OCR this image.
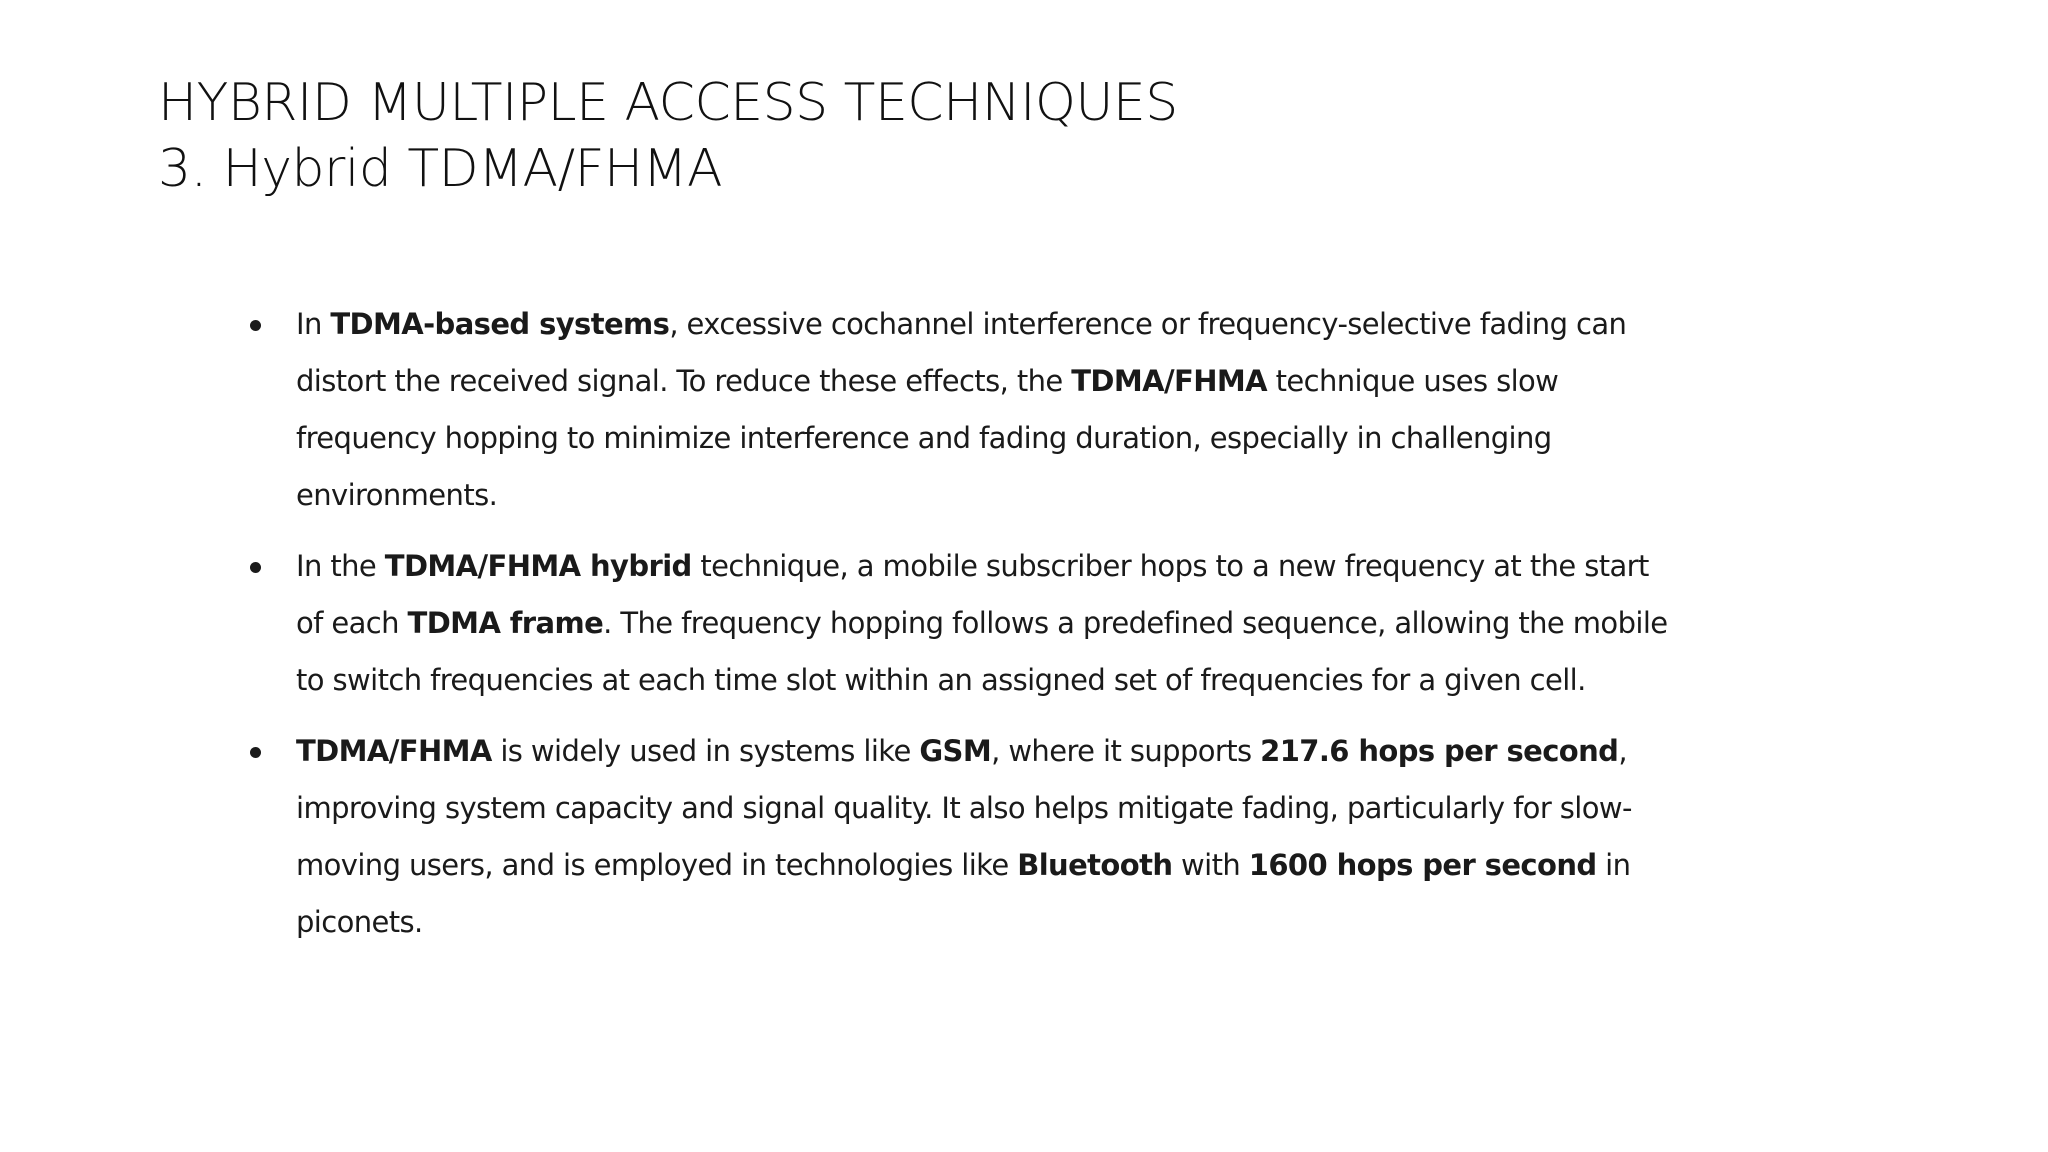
HYBRID MULTIPLE ACCESS TECHNIQUES
3. Hybrid TDMA/FHMA
In TDMA-based systems, excessive cochannel interference or frequency-selective fading can distort the received signal. To reduce these effects, the TDMA/FHMA technique uses slow frequency hopping to minimize interference and fading duration, especially in challenging environments.
In the TDMA/FHMA hybrid technique, a mobile subscriber hops to a new frequency at the start of each TDMA frame. The frequency hopping follows a predefined sequence, allowing the mobile to switch frequencies at each time slot within an assigned set of frequencies for a given cell.
TDMA/FHMA is widely used in systems like GSM, where it supports 217.6 hops per second, improving system capacity and signal quality. It also helps mitigate fading, particularly for slow-moving users, and is employed in technologies like Bluetooth with 1600 hops per second in piconets.
